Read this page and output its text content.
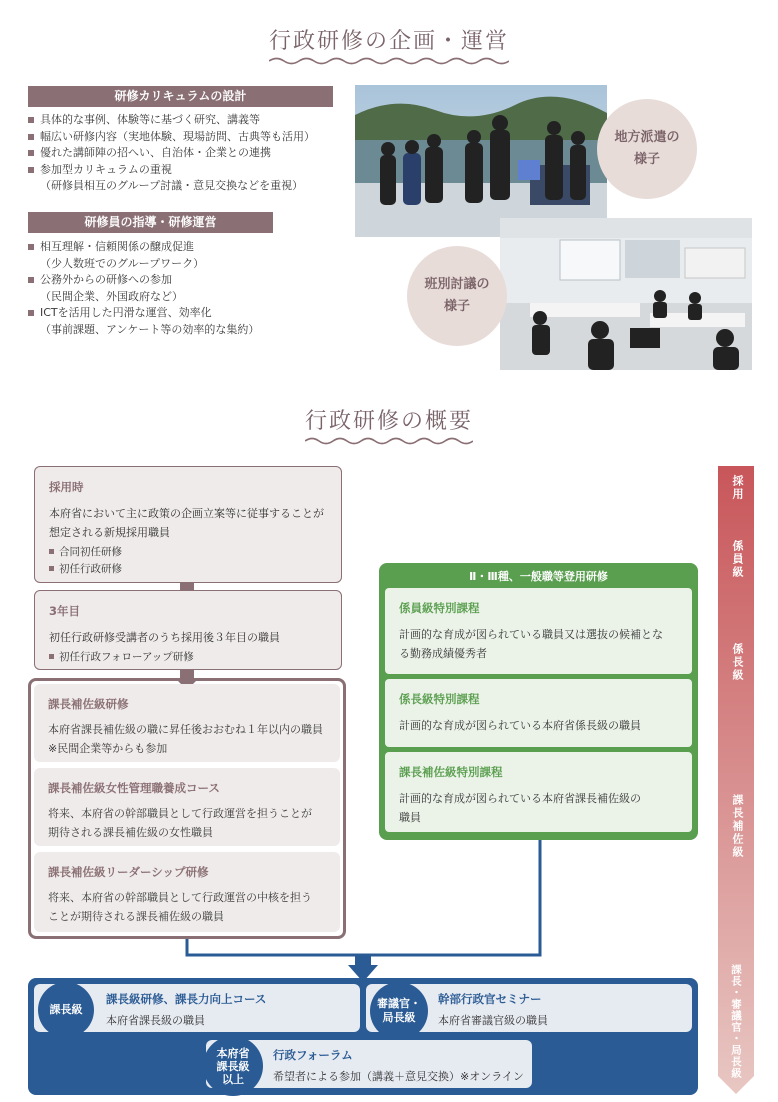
行政研修の企画・運営
研修カリキュラムの設計
具体的な事例、体験等に基づく研究、講義等
幅広い研修内容（実地体験、現場訪問、古典等も活用）
優れた講師陣の招へい、自治体・企業との連携
参加型カリキュラムの重視
（研修員相互のグループ討議・意見交換などを重視）
研修員の指導・研修運営
相互理解・信頼関係の醸成促進
（少人数班でのグループワーク）
公務外からの研修への参加
（民間企業、外国政府など）
ICTを活用した円滑な運営、効率化
（事前課題、アンケート等の効率的な集約）
地方派遣の
様子
班別討議の
様子
行政研修の概要
採用時
本府省において主に政策の企画立案等に従事することが想定される新規採用職員
合同初任研修
初任行政研修
3年目
初任行政研修受講者のうち採用後３年目の職員
初任行政フォローアップ研修
課長補佐級研修
本府省課長補佐級の職に昇任後おおむね１年以内の職員
※民間企業等からも参加
課長補佐級女性管理職養成コース
将来、本府省の幹部職員として行政運営を担うことが
期待される課長補佐級の女性職員
課長補佐級リーダーシップ研修
将来、本府省の幹部職員として行政運営の中核を担う
ことが期待される課長補佐級の職員
Ⅱ・Ⅲ種、一般職等登用研修
係員級特別課程
計画的な育成が図られている職員又は選抜の候補とな
る勤務成績優秀者
係長級特別課程
計画的な育成が図られている本府省係長級の職員
課長補佐級特別課程
計画的な育成が図られている本府省課長補佐級の
職員
課長級
課長級研修、課長力向上コース
本府省課長級の職員
審議官・
局長級
幹部行政官セミナー
本府省審議官級の職員
本府省
課長級
以上
行政フォーラム
希望者による参加（講義＋意見交換）※オンライン
採用
係員級
係長級
課長補佐級
課長・審議官・局長級
